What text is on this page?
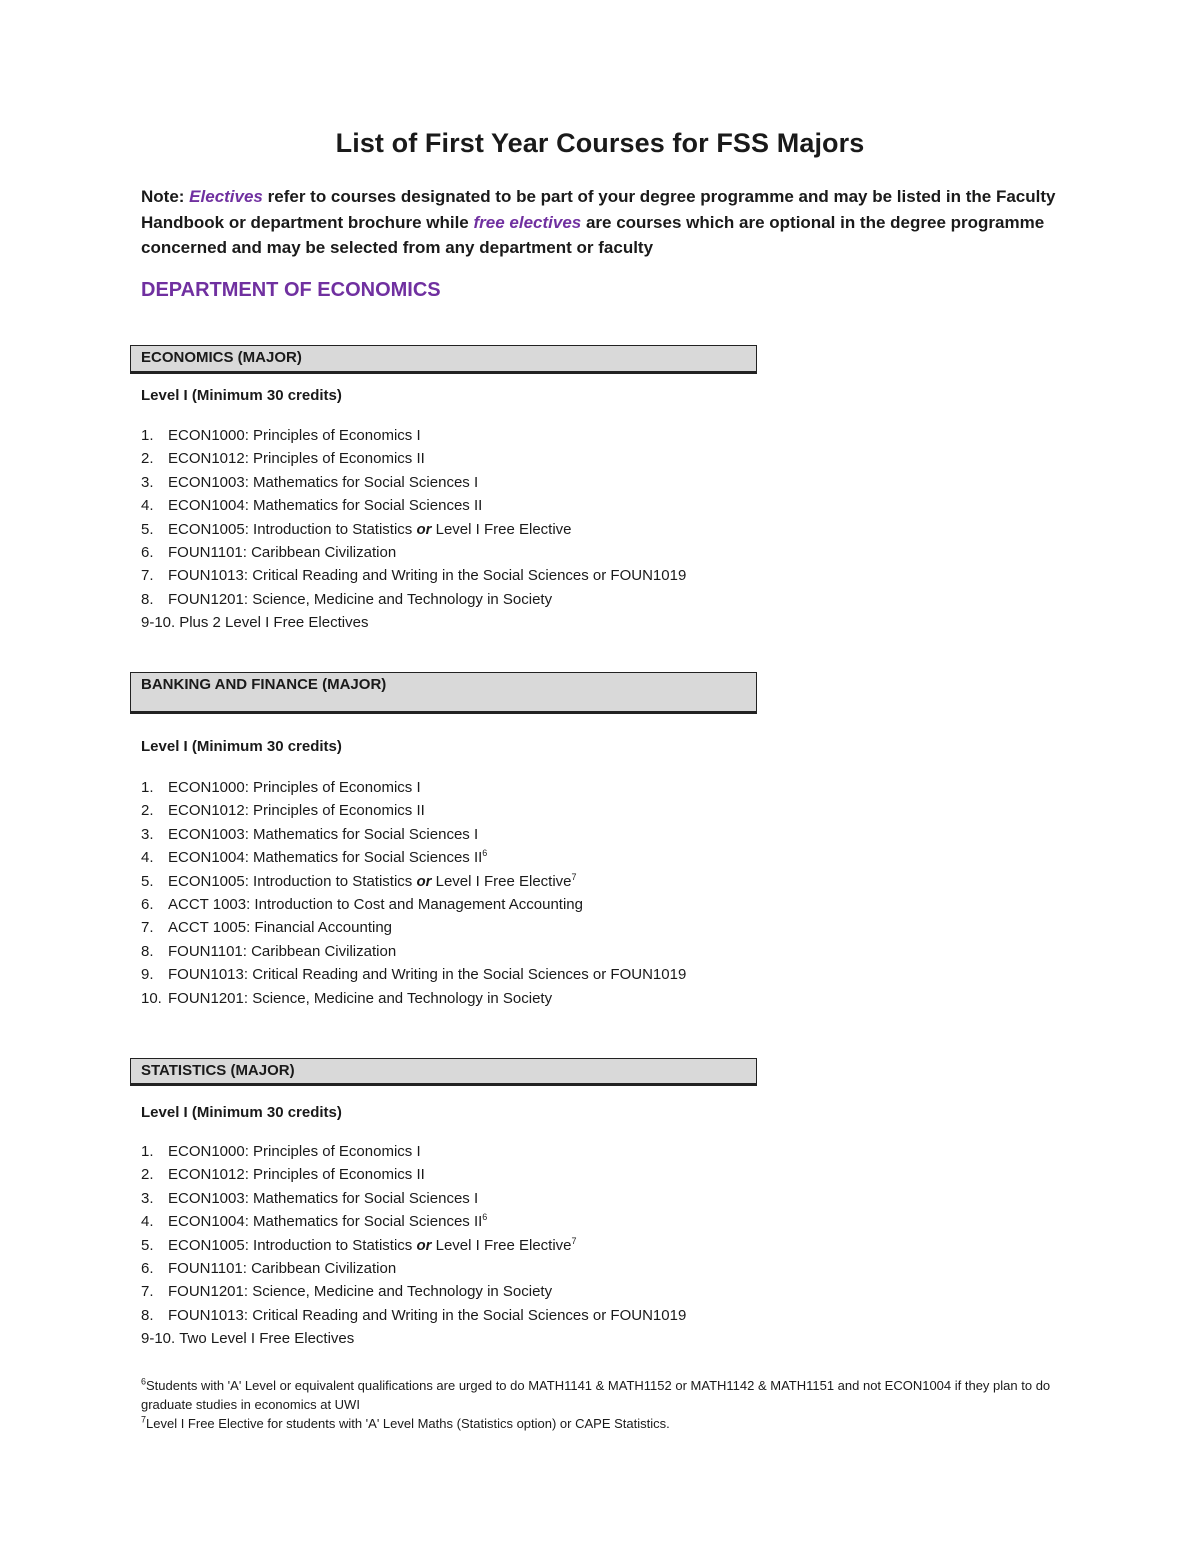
List of First Year Courses for FSS Majors
Note: Electives refer to courses designated to be part of your degree programme and may be listed in the Faculty Handbook or department brochure while free electives are courses which are optional in the degree programme concerned and may be selected from any department or faculty
DEPARTMENT OF ECONOMICS
ECONOMICS (MAJOR)
Level I (Minimum 30 credits)
1. ECON1000: Principles of Economics I
2. ECON1012: Principles of Economics II
3. ECON1003: Mathematics for Social Sciences I
4. ECON1004: Mathematics for Social Sciences II
5. ECON1005: Introduction to Statistics or Level I Free Elective
6. FOUN1101: Caribbean Civilization
7. FOUN1013: Critical Reading and Writing in the Social Sciences or FOUN1019
8. FOUN1201: Science, Medicine and Technology in Society
9-10. Plus 2 Level I Free Electives
BANKING AND FINANCE (MAJOR)
Level I (Minimum 30 credits)
1. ECON1000: Principles of Economics I
2. ECON1012: Principles of Economics II
3. ECON1003: Mathematics for Social Sciences I
4. ECON1004: Mathematics for Social Sciences $II^6$
5. ECON1005: Introduction to Statistics or Level I Free Elective$^7$
6. ACCT 1003: Introduction to Cost and Management Accounting
7. ACCT 1005: Financial Accounting
8. FOUN1101: Caribbean Civilization
9. FOUN1013: Critical Reading and Writing in the Social Sciences or FOUN1019
10. FOUN1201: Science, Medicine and Technology in Society
STATISTICS (MAJOR)
Level I (Minimum 30 credits)
1. ECON1000: Principles of Economics I
2. ECON1012: Principles of Economics II
3. ECON1003: Mathematics for Social Sciences I
4. ECON1004: Mathematics for Social Sciences $II^6$
5. ECON1005: Introduction to Statistics or Level I Free Elective$^7$
6. FOUN1101: Caribbean Civilization
7. FOUN1201: Science, Medicine and Technology in Society
8. FOUN1013: Critical Reading and Writing in the Social Sciences or FOUN1019
9-10. Two Level I Free Electives
$^6$Students with 'A' Level or equivalent qualifications are urged to do MATH1141 & MATH1152 or MATH1142 & MATH1151 and not ECON1004 if they plan to do graduate studies in economics at UWI
$^7$Level I Free Elective for students with 'A' Level Maths (Statistics option) or CAPE Statistics.
